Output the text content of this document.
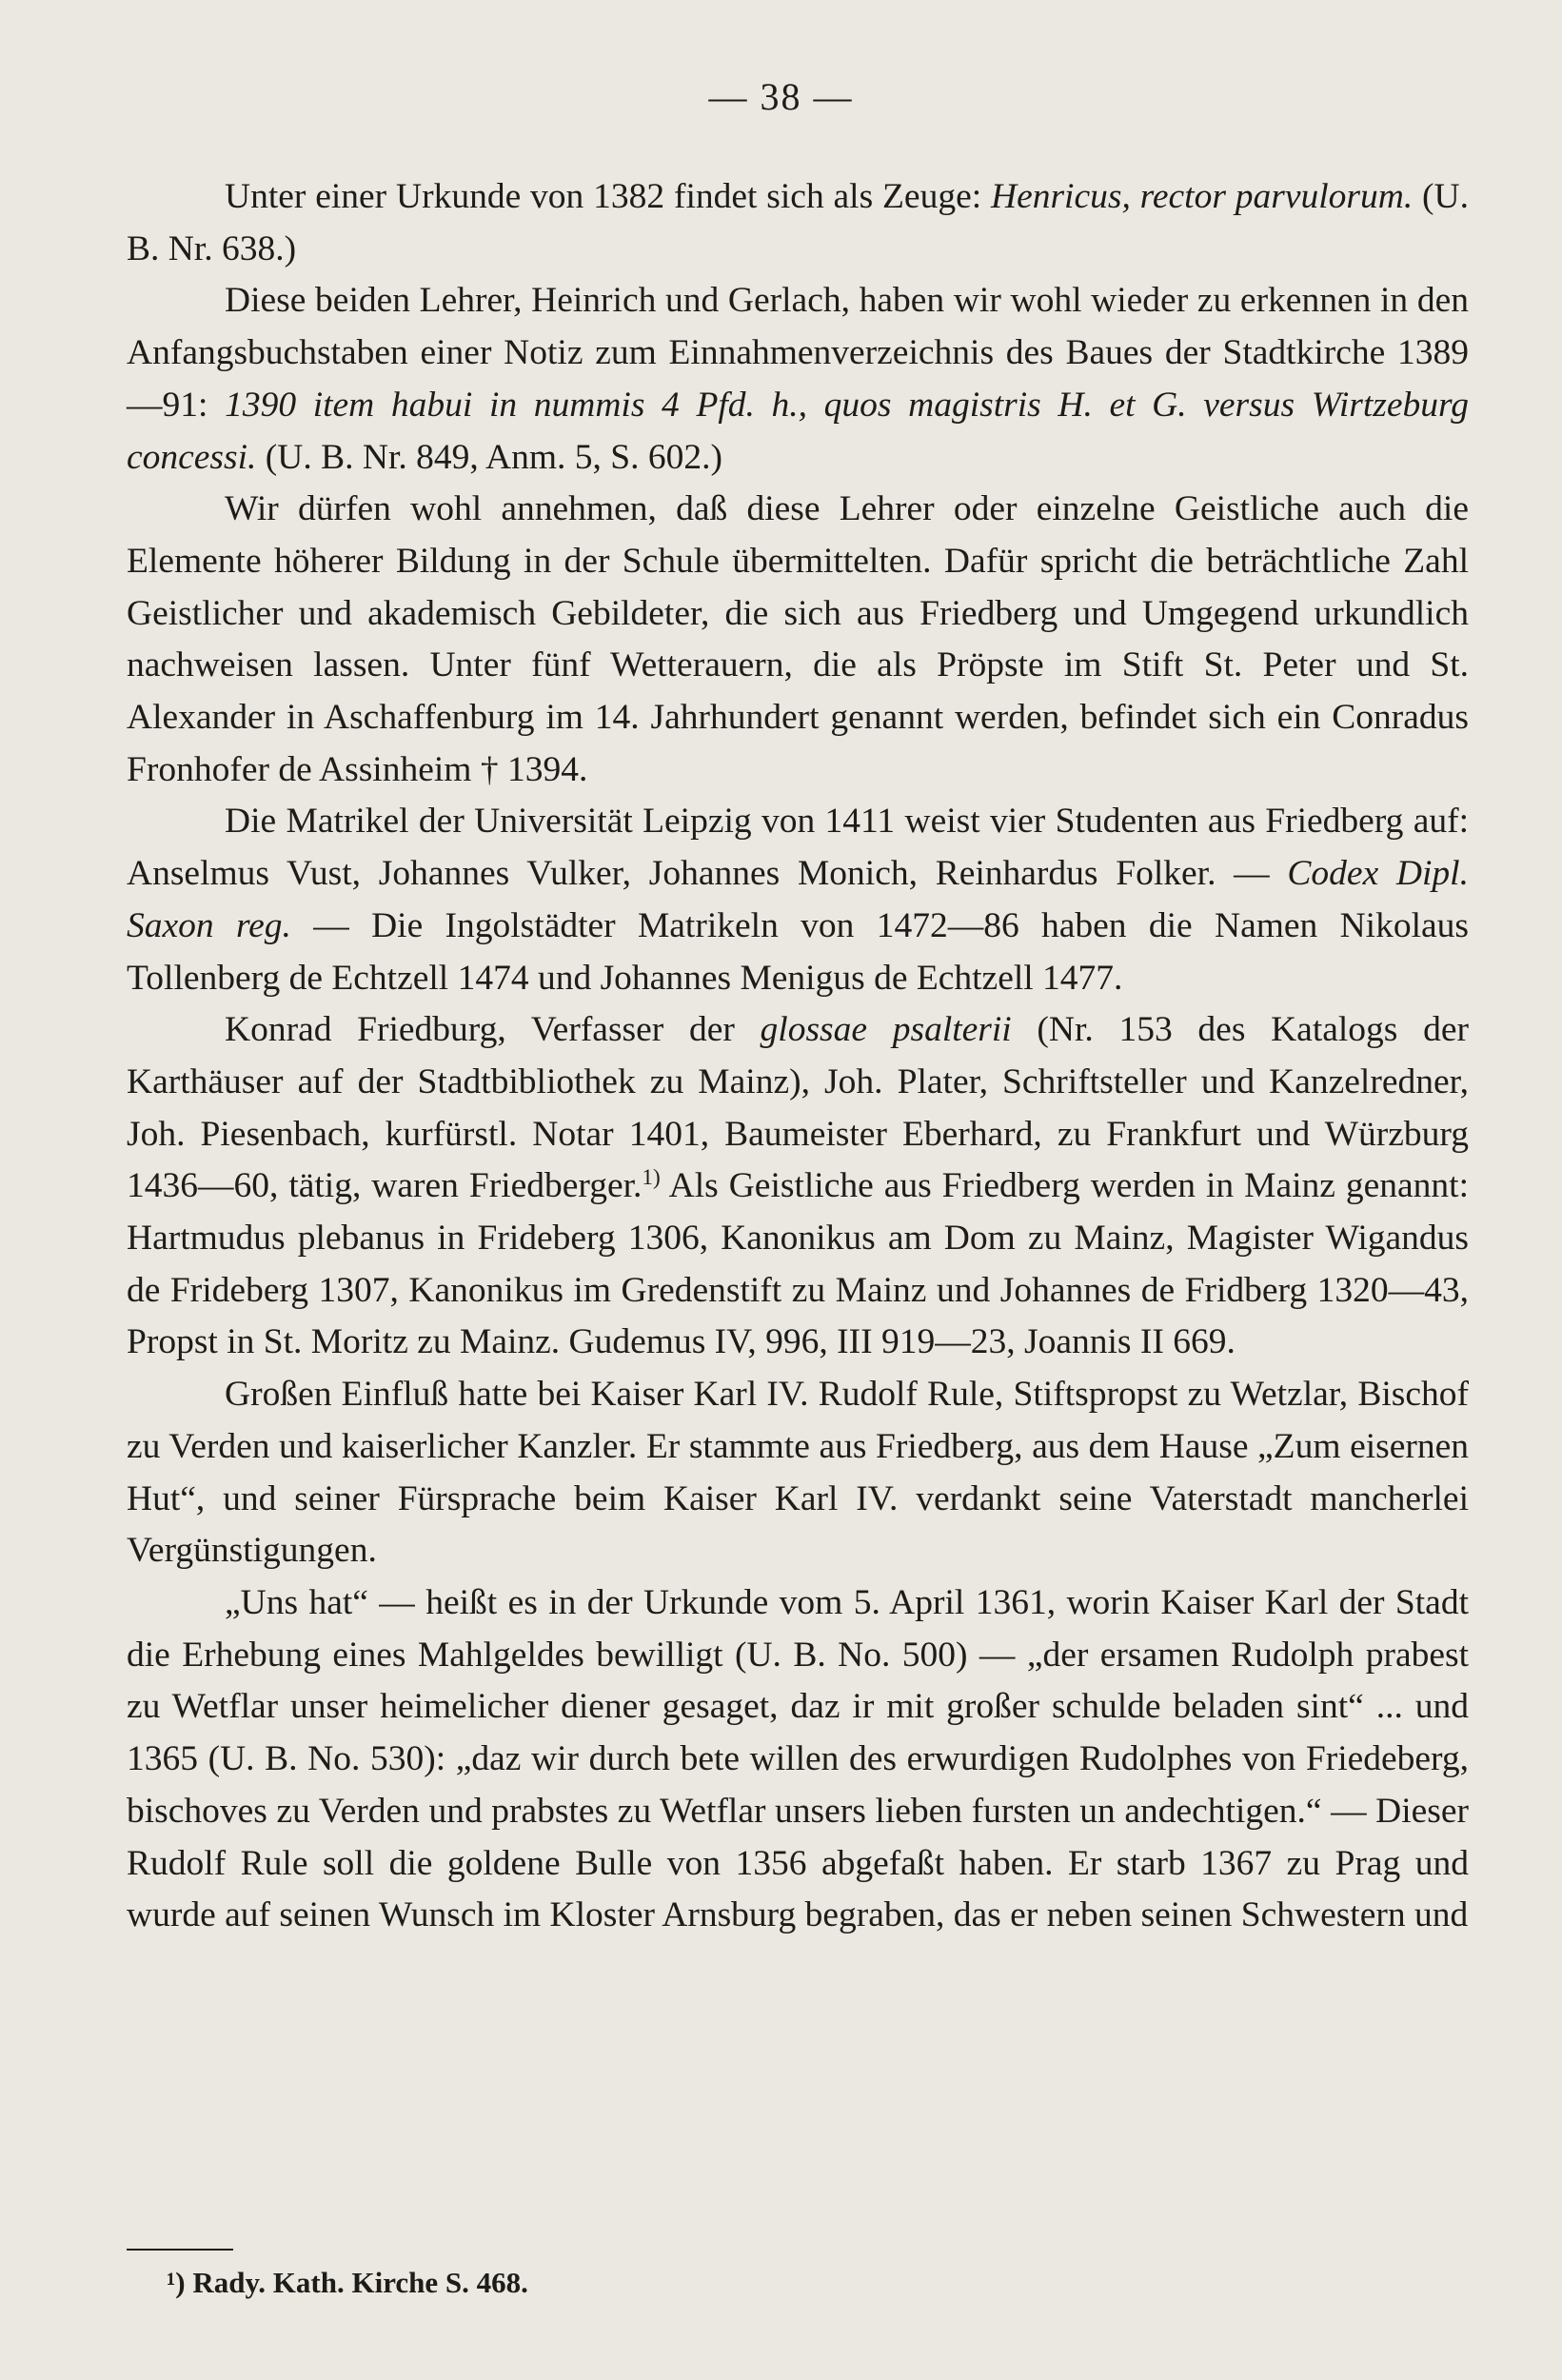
— 38 —

Unter einer Urkunde von 1382 findet sich als Zeuge: Henricus, rector parvulorum. (U. B. Nr. 638.)

Diese beiden Lehrer, Heinrich und Gerlach, haben wir wohl wieder zu erkennen in den Anfangsbuchstaben einer Notiz zum Einnahmenverzeichnis des Baues der Stadtkirche 1389—91: 1390 item habui in nummis 4 Pfd. h., quos magistris H. et G. versus Wirtzeburg concessi. (U. B. Nr. 849, Anm. 5, S. 602.)

Wir dürfen wohl annehmen, daß diese Lehrer oder einzelne Geistliche auch die Elemente höherer Bildung in der Schule übermittelten. Dafür spricht die beträchtliche Zahl Geistlicher und akademisch Gebildeter, die sich aus Friedberg und Umgegend urkundlich nachweisen lassen. Unter fünf Wetterauern, die als Pröpste im Stift St. Peter und St. Alexander in Aschaffenburg im 14. Jahrhundert genannt werden, befindet sich ein Conradus Fronhofer de Assinheim † 1394.

Die Matrikel der Universität Leipzig von 1411 weist vier Studenten aus Friedberg auf: Anselmus Vust, Johannes Vulker, Johannes Monich, Reinhardus Folker. — Codex Dipl. Saxon reg. — Die Ingolstädter Matrikeln von 1472—86 haben die Namen Nikolaus Tollenberg de Echtzell 1474 und Johannes Menigus de Echtzell 1477.

Konrad Friedburg, Verfasser der glossae psalterii (Nr. 153 des Katalogs der Karthäuser auf der Stadtbibliothek zu Mainz), Joh. Plater, Schriftsteller und Kanzelredner, Joh. Piesenbach, kurfürstl. Notar 1401, Baumeister Eberhard, zu Frankfurt und Würzburg 1436—60, tätig, waren Friedberger.$^{1)}$ Als Geistliche aus Friedberg werden in Mainz genannt: Hartmudus plebanus in Frideberg 1306, Kanonikus am Dom zu Mainz, Magister Wigandus de Frideberg 1307, Kanonikus im Gredenstift zu Mainz und Johannes de Fridberg 1320—43, Propst in St. Moritz zu Mainz. Gudemus IV, 996, III 919—23, Joannis II 669.

Großen Einfluß hatte bei Kaiser Karl IV. Rudolf Rule, Stiftspropst zu Wetzlar, Bischof zu Verden und kaiserlicher Kanzler. Er stammte aus Friedberg, aus dem Hause „Zum eisernen Hut“, und seiner Fürsprache beim Kaiser Karl IV. verdankt seine Vaterstadt mancherlei Vergünstigungen.

„Uns hat“ — heißt es in der Urkunde vom 5. April 1361, worin Kaiser Karl der Stadt die Erhebung eines Mahlgeldes bewilligt (U. B. No. 500) — „der ersamen Rudolph prabest zu Wetflar unser heimelicher diener gesaget, daz ir mit großer schulde beladen sint“ ... und 1365 (U. B. No. 530): „daz wir durch bete willen des erwurdigen Rudolphes von Friedeberg, bischoves zu Verden und prabstes zu Wetflar unsers lieben fursten un andechtigen.“ — Dieser Rudolf Rule soll die goldene Bulle von 1356 abgefaßt haben. Er starb 1367 zu Prag und wurde auf seinen Wunsch im Kloster Arnsburg begraben, das er neben seinen Schwestern und

¹) Rady. Kath. Kirche S. 468.
